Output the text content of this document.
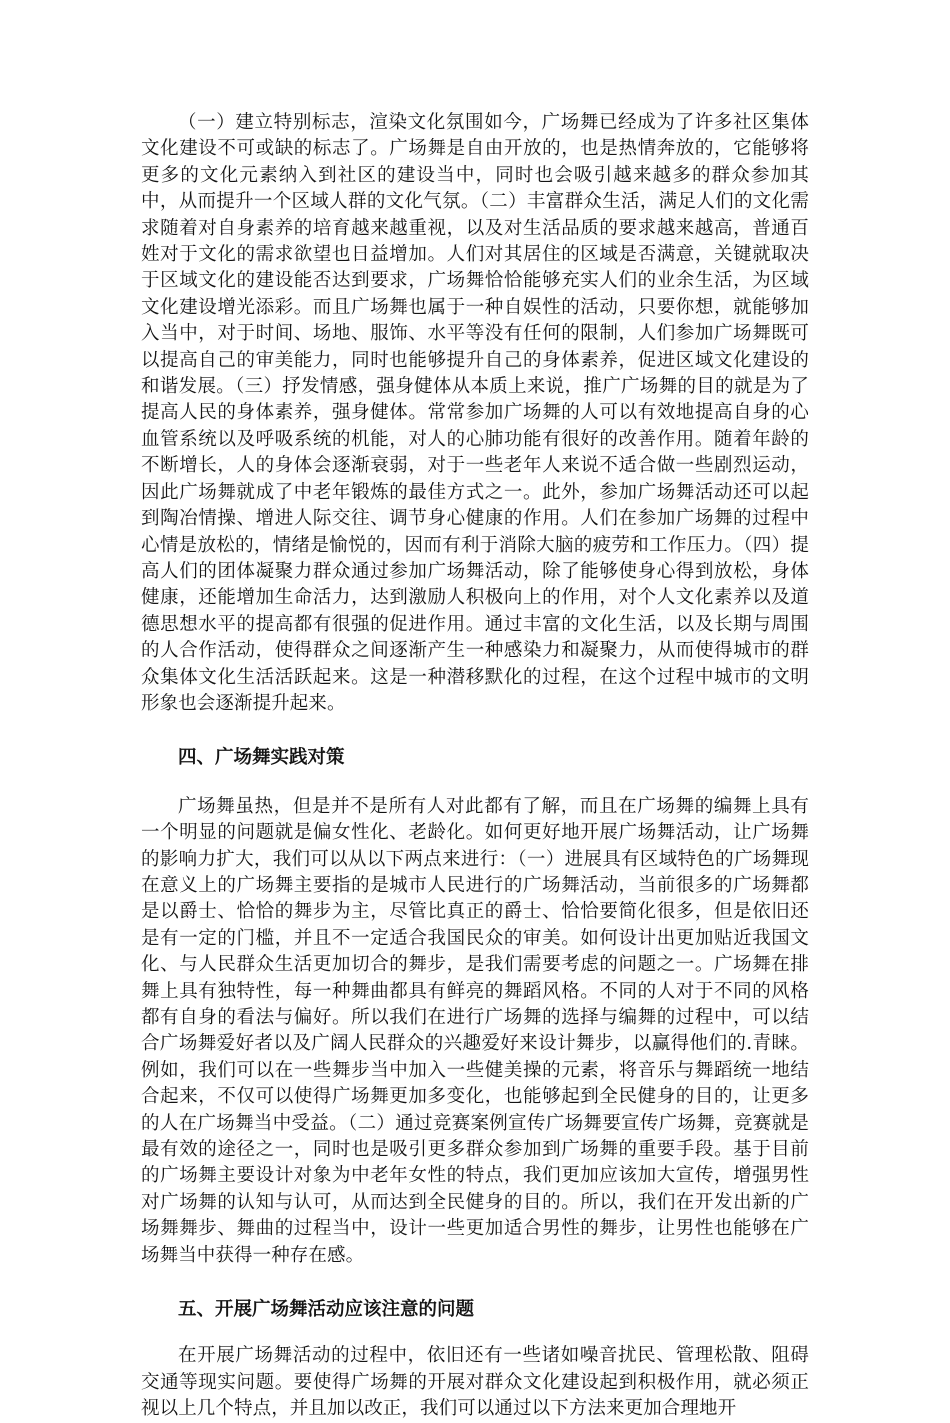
（一）建立特别标志，渲染文化氛围如今，广场舞已经成为了许多社区集体文化建设不可或缺的标志了。广场舞是自由开放的，也是热情奔放的，它能够将更多的文化元素纳入到社区的建设当中，同时也会吸引越来越多的群众参加其中，从而提升一个区域人群的文化气氛。（二）丰富群众生活，满足人们的文化需求随着对自身素养的培育越来越重视，以及对生活品质的要求越来越高，普通百姓对于文化的需求欲望也日益增加。人们对其居住的区域是否满意，关键就取决于区域文化的建设能否达到要求，广场舞恰恰能够充实人们的业余生活，为区域文化建设增光添彩。而且广场舞也属于一种自娱性的活动，只要你想，就能够加入当中，对于时间、场地、服饰、水平等没有任何的限制，人们参加广场舞既可以提高自己的审美能力，同时也能够提升自己的身体素养，促进区域文化建设的和谐发展。（三）抒发情感，强身健体从本质上来说，推广广场舞的目的就是为了提高人民的身体素养，强身健体。常常参加广场舞的人可以有效地提高自身的心血管系统以及呼吸系统的机能，对人的心肺功能有很好的改善作用。随着年龄的不断增长，人的身体会逐渐衰弱，对于一些老年人来说不适合做一些剧烈运动，因此广场舞就成了中老年锻炼的最佳方式之一。此外，参加广场舞活动还可以起到陶冶情操、增进人际交往、调节身心健康的作用。人们在参加广场舞的过程中心情是放松的，情绪是愉悦的，因而有利于消除大脑的疲劳和工作压力。（四）提高人们的团体凝聚力群众通过参加广场舞活动，除了能够使身心得到放松，身体健康，还能增加生命活力，达到激励人积极向上的作用，对个人文化素养以及道德思想水平的提高都有很强的促进作用。通过丰富的文化生活，以及长期与周围的人合作活动，使得群众之间逐渐产生一种感染力和凝聚力，从而使得城市的群众集体文化生活活跃起来。这是一种潜移默化的过程，在这个过程中城市的文明形象也会逐渐提升起来。

四、广场舞实践对策

广场舞虽热，但是并不是所有人对此都有了解，而且在广场舞的编舞上具有一个明显的问题就是偏女性化、老龄化。如何更好地开展广场舞活动，让广场舞的影响力扩大，我们可以从以下两点来进行：（一）进展具有区域特色的广场舞现在意义上的广场舞主要指的是城市人民进行的广场舞活动，当前很多的广场舞都是以爵士、恰恰的舞步为主，尽管比真正的爵士、恰恰要简化很多，但是依旧还是有一定的门槛，并且不一定适合我国民众的审美。如何设计出更加贴近我国文化、与人民群众生活更加切合的舞步，是我们需要考虑的问题之一。广场舞在排舞上具有独特性，每一种舞曲都具有鲜亮的舞蹈风格。不同的人对于不同的风格都有自身的看法与偏好。所以我们在进行广场舞的选择与编舞的过程中，可以结合广场舞爱好者以及广阔人民群众的兴趣爱好来设计舞步，以赢得他们的.青睐。例如，我们可以在一些舞步当中加入一些健美操的元素，将音乐与舞蹈统一地结合起来，不仅可以使得广场舞更加多变化，也能够起到全民健身的目的，让更多的人在广场舞当中受益。（二）通过竞赛案例宣传广场舞要宣传广场舞，竞赛就是最有效的途径之一，同时也是吸引更多群众参加到广场舞的重要手段。基于目前的广场舞主要设计对象为中老年女性的特点，我们更加应该加大宣传，增强男性对广场舞的认知与认可，从而达到全民健身的目的。所以，我们在开发出新的广场舞舞步、舞曲的过程当中，设计一些更加适合男性的舞步，让男性也能够在广场舞当中获得一种存在感。

五、开展广场舞活动应该注意的问题

在开展广场舞活动的过程中，依旧还有一些诸如噪音扰民、管理松散、阻碍交通等现实问题。要使得广场舞的开展对群众文化建设起到积极作用，就必须正视以上几个特点，并且加以改正，我们可以通过以下方法来更加合理地开
